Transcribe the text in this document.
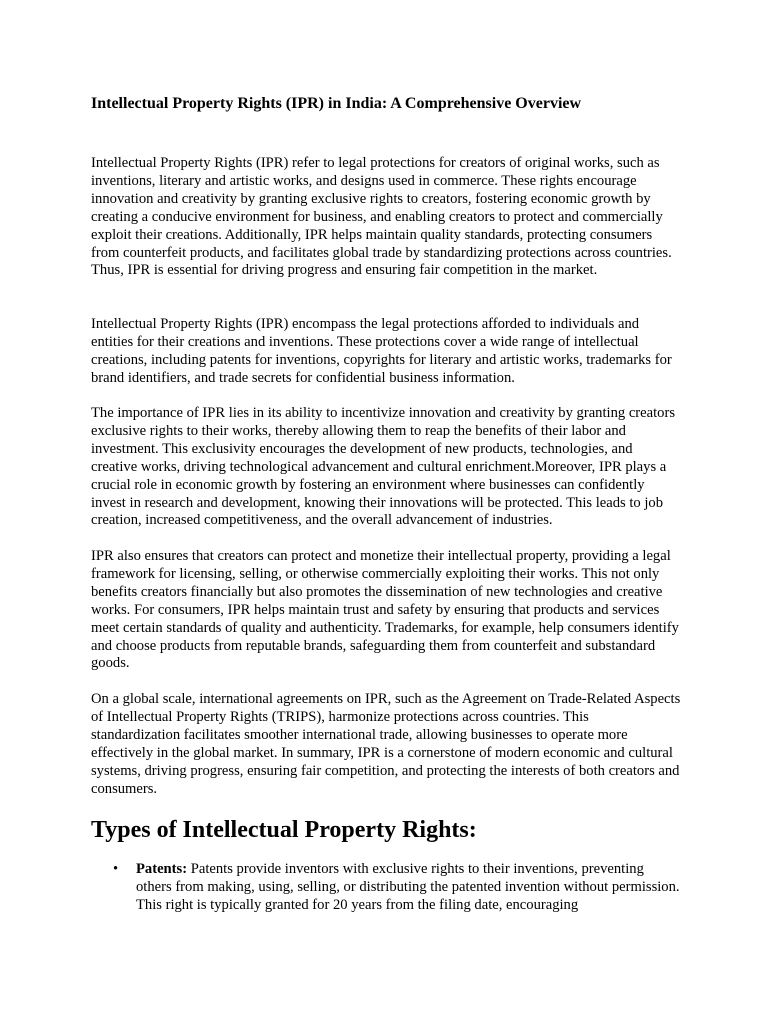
Intellectual Property Rights (IPR) in India: A Comprehensive Overview

Intellectual Property Rights (IPR) refer to legal protections for creators of original works, such as inventions, literary and artistic works, and designs used in commerce. These rights encourage innovation and creativity by granting exclusive rights to creators, fostering economic growth by creating a conducive environment for business, and enabling creators to protect and commercially exploit their creations. Additionally, IPR helps maintain quality standards, protecting consumers from counterfeit products, and facilitates global trade by standardizing protections across countries. Thus, IPR is essential for driving progress and ensuring fair competition in the market.

Intellectual Property Rights (IPR) encompass the legal protections afforded to individuals and entities for their creations and inventions. These protections cover a wide range of intellectual creations, including patents for inventions, copyrights for literary and artistic works, trademarks for brand identifiers, and trade secrets for confidential business information.

The importance of IPR lies in its ability to incentivize innovation and creativity by granting creators exclusive rights to their works, thereby allowing them to reap the benefits of their labor and investment. This exclusivity encourages the development of new products, technologies, and creative works, driving technological advancement and cultural enrichment.Moreover, IPR plays a crucial role in economic growth by fostering an environment where businesses can confidently invest in research and development, knowing their innovations will be protected. This leads to job creation, increased competitiveness, and the overall advancement of industries.

IPR also ensures that creators can protect and monetize their intellectual property, providing a legal framework for licensing, selling, or otherwise commercially exploiting their works. This not only benefits creators financially but also promotes the dissemination of new technologies and creative works. For consumers, IPR helps maintain trust and safety by ensuring that products and services meet certain standards of quality and authenticity. Trademarks, for example, help consumers identify and choose products from reputable brands, safeguarding them from counterfeit and substandard goods.

On a global scale, international agreements on IPR, such as the Agreement on Trade-Related Aspects of Intellectual Property Rights (TRIPS), harmonize protections across countries. This standardization facilitates smoother international trade, allowing businesses to operate more effectively in the global market. In summary, IPR is a cornerstone of modern economic and cultural systems, driving progress, ensuring fair competition, and protecting the interests of both creators and consumers.

Types of Intellectual Property Rights:
• Patents: Patents provide inventors with exclusive rights to their inventions, preventing others from making, using, selling, or distributing the patented invention without permission. This right is typically granted for 20 years from the filing date, encouraging
